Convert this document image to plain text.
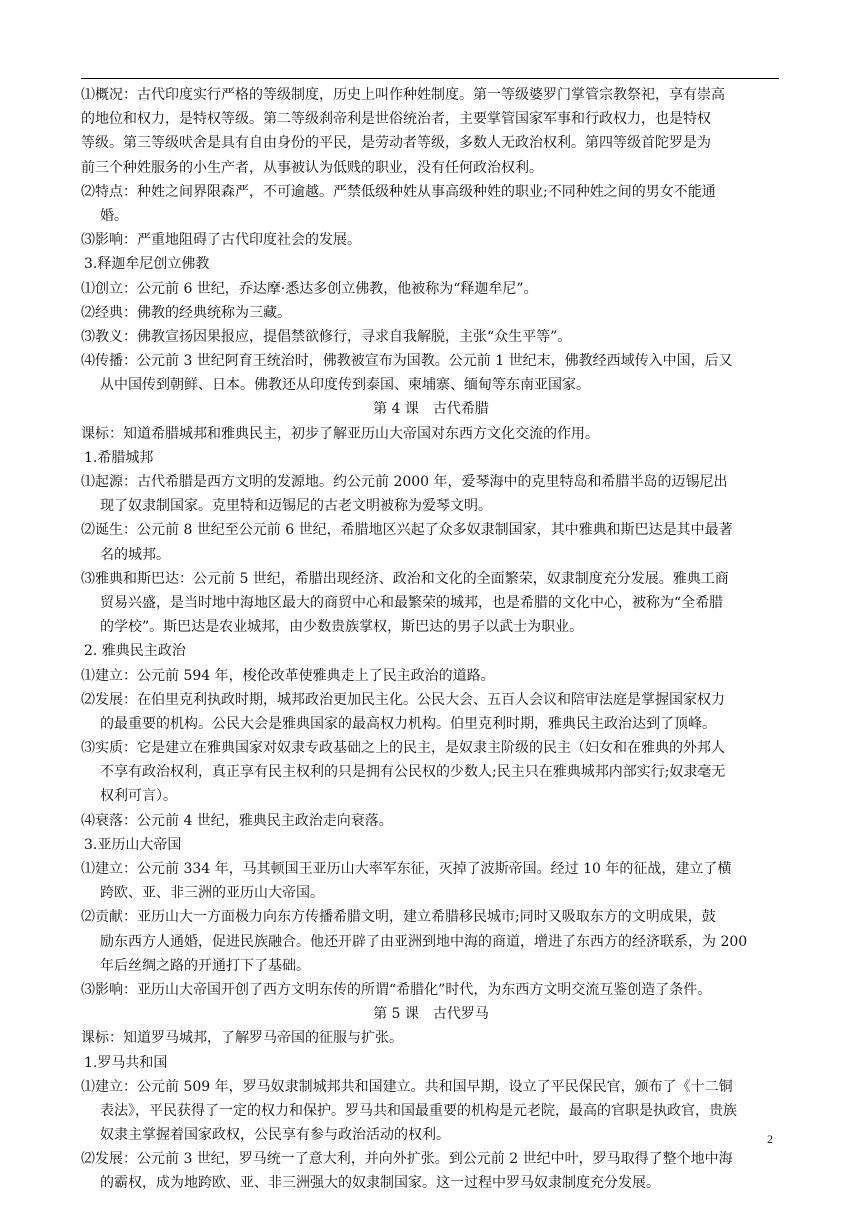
⑴概况：古代印度实行严格的等级制度，历史上叫作种姓制度。第一等级婆罗门掌管宗教祭祀，享有崇高
的地位和权力，是特权等级。第二等级刹帝利是世俗统治者，主要掌管国家军事和行政权力，也是特权
等级。第三等级吠舍是具有自由身份的平民，是劳动者等级，多数人无政治权利。第四等级首陀罗是为
前三个种姓服务的小生产者，从事被认为低贱的职业，没有任何政治权利。
⑵特点：种姓之间界限森严，不可逾越。严禁低级种姓从事高级种姓的职业;不同种姓之间的男女不能通
婚。
⑶影响：严重地阻碍了古代印度社会的发展。
3.释迦牟尼创立佛教
⑴创立：公元前 6 世纪，乔达摩·悉达多创立佛教，他被称为“释迦牟尼”。
⑵经典：佛教的经典统称为三藏。
⑶教义：佛教宣扬因果报应，提倡禁欲修行，寻求自我解脱，主张“众生平等”。
⑷传播：公元前 3 世纪阿育王统治时，佛教被宣布为国教。公元前 1 世纪末，佛教经西域传入中国，后又
从中国传到朝鲜、日本。佛教还从印度传到泰国、柬埔寨、缅甸等东南亚国家。
第 4 课　古代希腊
课标：知道希腊城邦和雅典民主，初步了解亚历山大帝国对东西方文化交流的作用。
1.希腊城邦
⑴起源：古代希腊是西方文明的发源地。约公元前 2000 年，爱琴海中的克里特岛和希腊半岛的迈锡尼出
现了奴隶制国家。克里特和迈锡尼的古老文明被称为爱琴文明。
⑵诞生：公元前 8 世纪至公元前 6 世纪，希腊地区兴起了众多奴隶制国家，其中雅典和斯巴达是其中最著
名的城邦。
⑶雅典和斯巴达：公元前 5 世纪，希腊出现经济、政治和文化的全面繁荣，奴隶制度充分发展。雅典工商
贸易兴盛，是当时地中海地区最大的商贸中心和最繁荣的城邦，也是希腊的文化中心，被称为“全希腊
的学校”。斯巴达是农业城邦，由少数贵族掌权，斯巴达的男子以武士为职业。
2. 雅典民主政治
⑴建立：公元前 594 年，梭伦改革使雅典走上了民主政治的道路。
⑵发展：在伯里克利执政时期，城邦政治更加民主化。公民大会、五百人会议和陪审法庭是掌握国家权力
的最重要的机构。公民大会是雅典国家的最高权力机构。伯里克利时期，雅典民主政治达到了顶峰。
⑶实质：它是建立在雅典国家对奴隶专政基础之上的民主，是奴隶主阶级的民主（妇女和在雅典的外邦人
不享有政治权利，真正享有民主权利的只是拥有公民权的少数人;民主只在雅典城邦内部实行;奴隶毫无
权利可言）。
⑷衰落：公元前 4 世纪，雅典民主政治走向衰落。
3.亚历山大帝国
⑴建立：公元前 334 年，马其顿国王亚历山大率军东征，灭掉了波斯帝国。经过 10 年的征战，建立了横
跨欧、亚、非三洲的亚历山大帝国。
⑵贡献：亚历山大一方面极力向东方传播希腊文明，建立希腊移民城市;同时又吸取东方的文明成果，鼓
励东西方人通婚，促进民族融合。他还开辟了由亚洲到地中海的商道，增进了东西方的经济联系，为 200
年后丝绸之路的开通打下了基础。
⑶影响：亚历山大帝国开创了西方文明东传的所谓“希腊化”时代，为东西方文明交流互鉴创造了条件。
第 5 课　古代罗马
课标：知道罗马城邦，了解罗马帝国的征服与扩张。
1.罗马共和国
⑴建立：公元前 509 年，罗马奴隶制城邦共和国建立。共和国早期，设立了平民保民官，颁布了《十二铜
表法》，平民获得了一定的权力和保护。罗马共和国最重要的机构是元老院，最高的官职是执政官，贵族
奴隶主掌握着国家政权，公民享有参与政治活动的权利。
⑵发展：公元前 3 世纪，罗马统一了意大利，并向外扩张。到公元前 2 世纪中叶，罗马取得了整个地中海
的霸权，成为地跨欧、亚、非三洲强大的奴隶制国家。这一过程中罗马奴隶制度充分发展。
2
